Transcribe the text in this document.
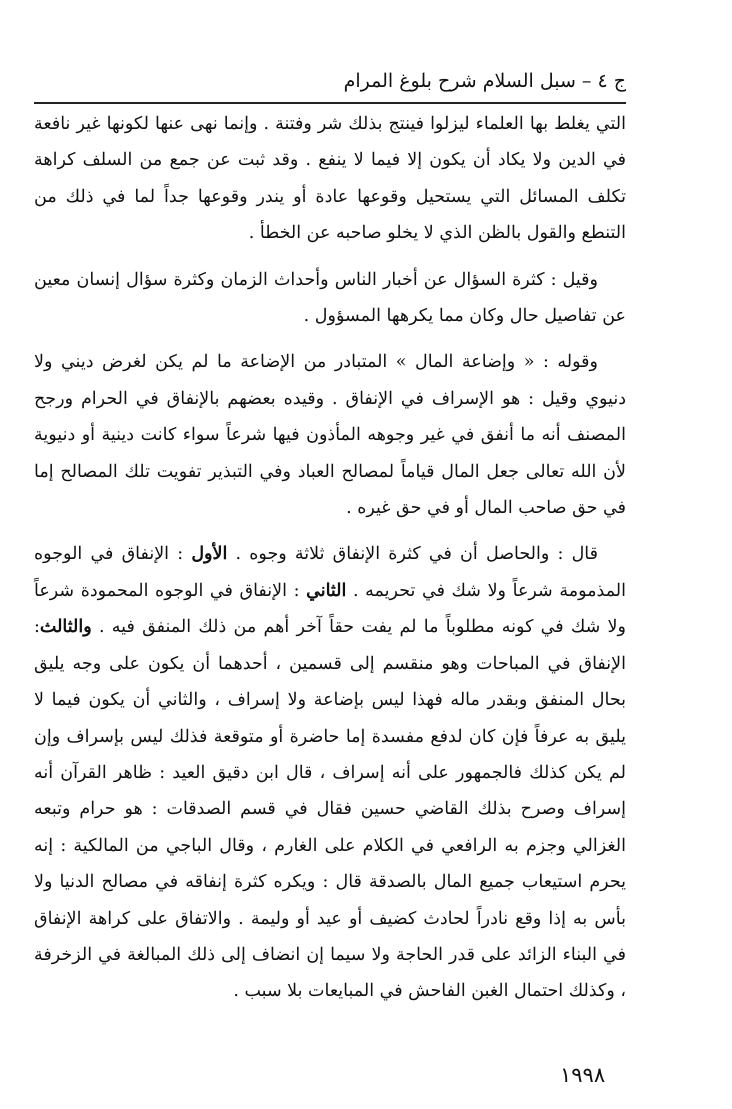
ج ٤ – سبل السلام شرح بلوغ المرام

التي يغلط بها العلماء ليزلوا فينتج بذلك شر وفتنة . وإنما نهى عنها لكونها غير نافعة في الدين ولا يكاد أن يكون إلا فيما لا ينفع . وقد ثبت عن جمع من السلف كراهة تكلف المسائل التي يستحيل وقوعها عادة أو يندر وقوعها جداً لما في ذلك من التنطع والقول بالظن الذي لا يخلو صاحبه عن الخطأ .

وقيل : كثرة السؤال عن أخبار الناس وأحداث الزمان وكثرة سؤال إنسان معين عن تفاصيل حال وكان مما يكرهها المسؤول .

وقوله : « وإضاعة المال » المتبادر من الإضاعة ما لم يكن لغرض ديني ولا دنيوي وقيل : هو الإسراف في الإنفاق . وقيده بعضهم بالإنفاق في الحرام ورجح المصنف أنه ما أنفق في غير وجوهه المأذون فيها شرعاً سواء كانت دينية أو دنيوية لأن الله تعالى جعل المال قياماً لمصالح العباد وفي التبذير تفويت تلك المصالح إما في حق صاحب المال أو في حق غيره .

قال : والحاصل أن في كثرة الإنفاق ثلاثة وجوه . الأول : الإنفاق في الوجوه المذمومة شرعاً ولا شك في تحريمه . الثاني : الإنفاق في الوجوه المحمودة شرعاً ولا شك في كونه مطلوباً ما لم يفت حقاً آخر أهم من ذلك المنفق فيه . والثالث: الإنفاق في المباحات وهو منقسم إلى قسمين ، أحدهما أن يكون على وجه يليق بحال المنفق وبقدر ماله فهذا ليس بإضاعة ولا إسراف ، والثاني أن يكون فيما لا يليق به عرفاً فإن كان لدفع مفسدة إما حاضرة أو متوقعة فذلك ليس بإسراف وإن لم يكن كذلك فالجمهور على أنه إسراف ، قال ابن دقيق العيد : ظاهر القرآن أنه إسراف وصرح بذلك القاضي حسين فقال في قسم الصدقات : هو حرام وتبعه الغزالي وجزم به الرافعي في الكلام على الغارم ، وقال الباجي من المالكية : إنه يحرم استيعاب جميع المال بالصدقة قال : ويكره كثرة إنفاقه في مصالح الدنيا ولا بأس به إذا وقع نادراً لحادث كضيف أو عيد أو وليمة . والاتفاق على كراهة الإنفاق في البناء الزائد على قدر الحاجة ولا سيما إن انضاف إلى ذلك المبالغة في الزخرفة ، وكذلك احتمال الغبن الفاحش في المبايعات بلا سبب .

١٩٩٨
